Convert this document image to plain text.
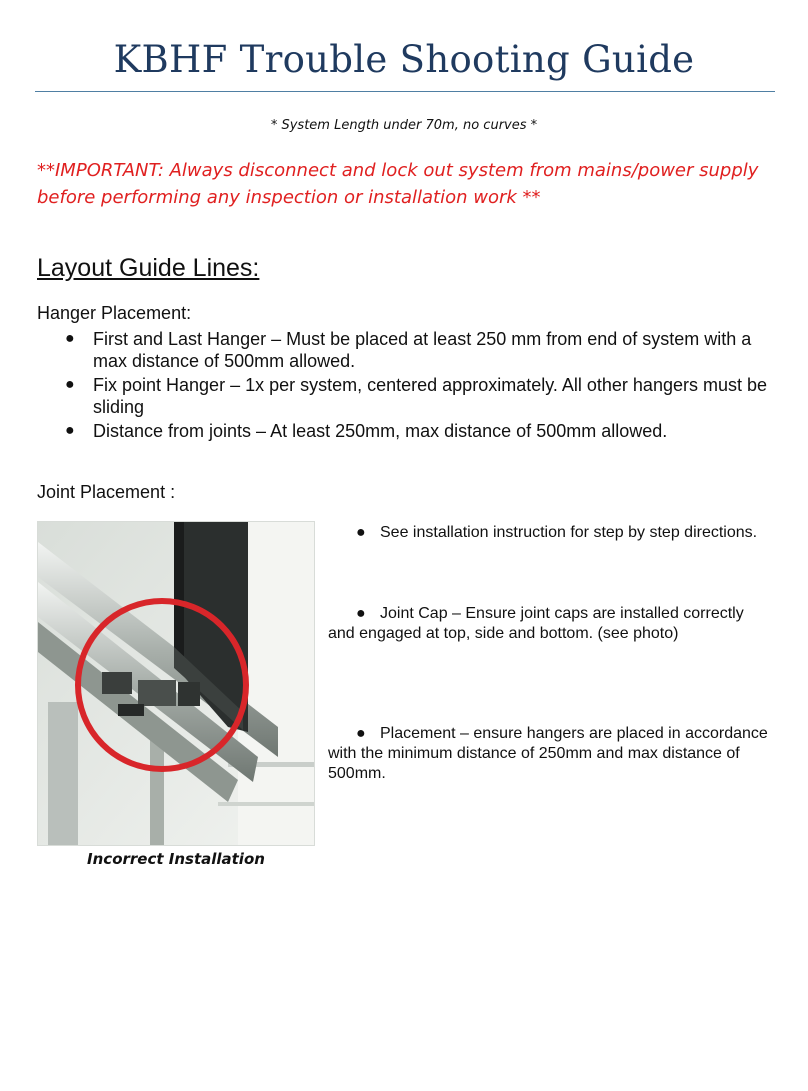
KBHF Trouble Shooting Guide
* System Length under 70m, no curves *
**IMPORTANT: Always disconnect and lock out system from mains/power supply before performing any inspection or installation work **
Layout Guide Lines:
Hanger Placement:
● First and Last Hanger – Must be placed at least 250 mm from end of system with a max distance of 500mm allowed.
● Fix point Hanger – 1x per system, centered approximately. All other hangers must be sliding
● Distance from joints – At least 250mm, max distance of 500mm allowed.
Joint Placement :
Incorrect Installation
● See installation instruction for step by step directions.
● Joint Cap – Ensure joint caps are installed correctly and engaged at top, side and bottom. (see photo)
● Placement – ensure hangers are placed in accordance with the minimum distance of 250mm and max distance of 500mm.
